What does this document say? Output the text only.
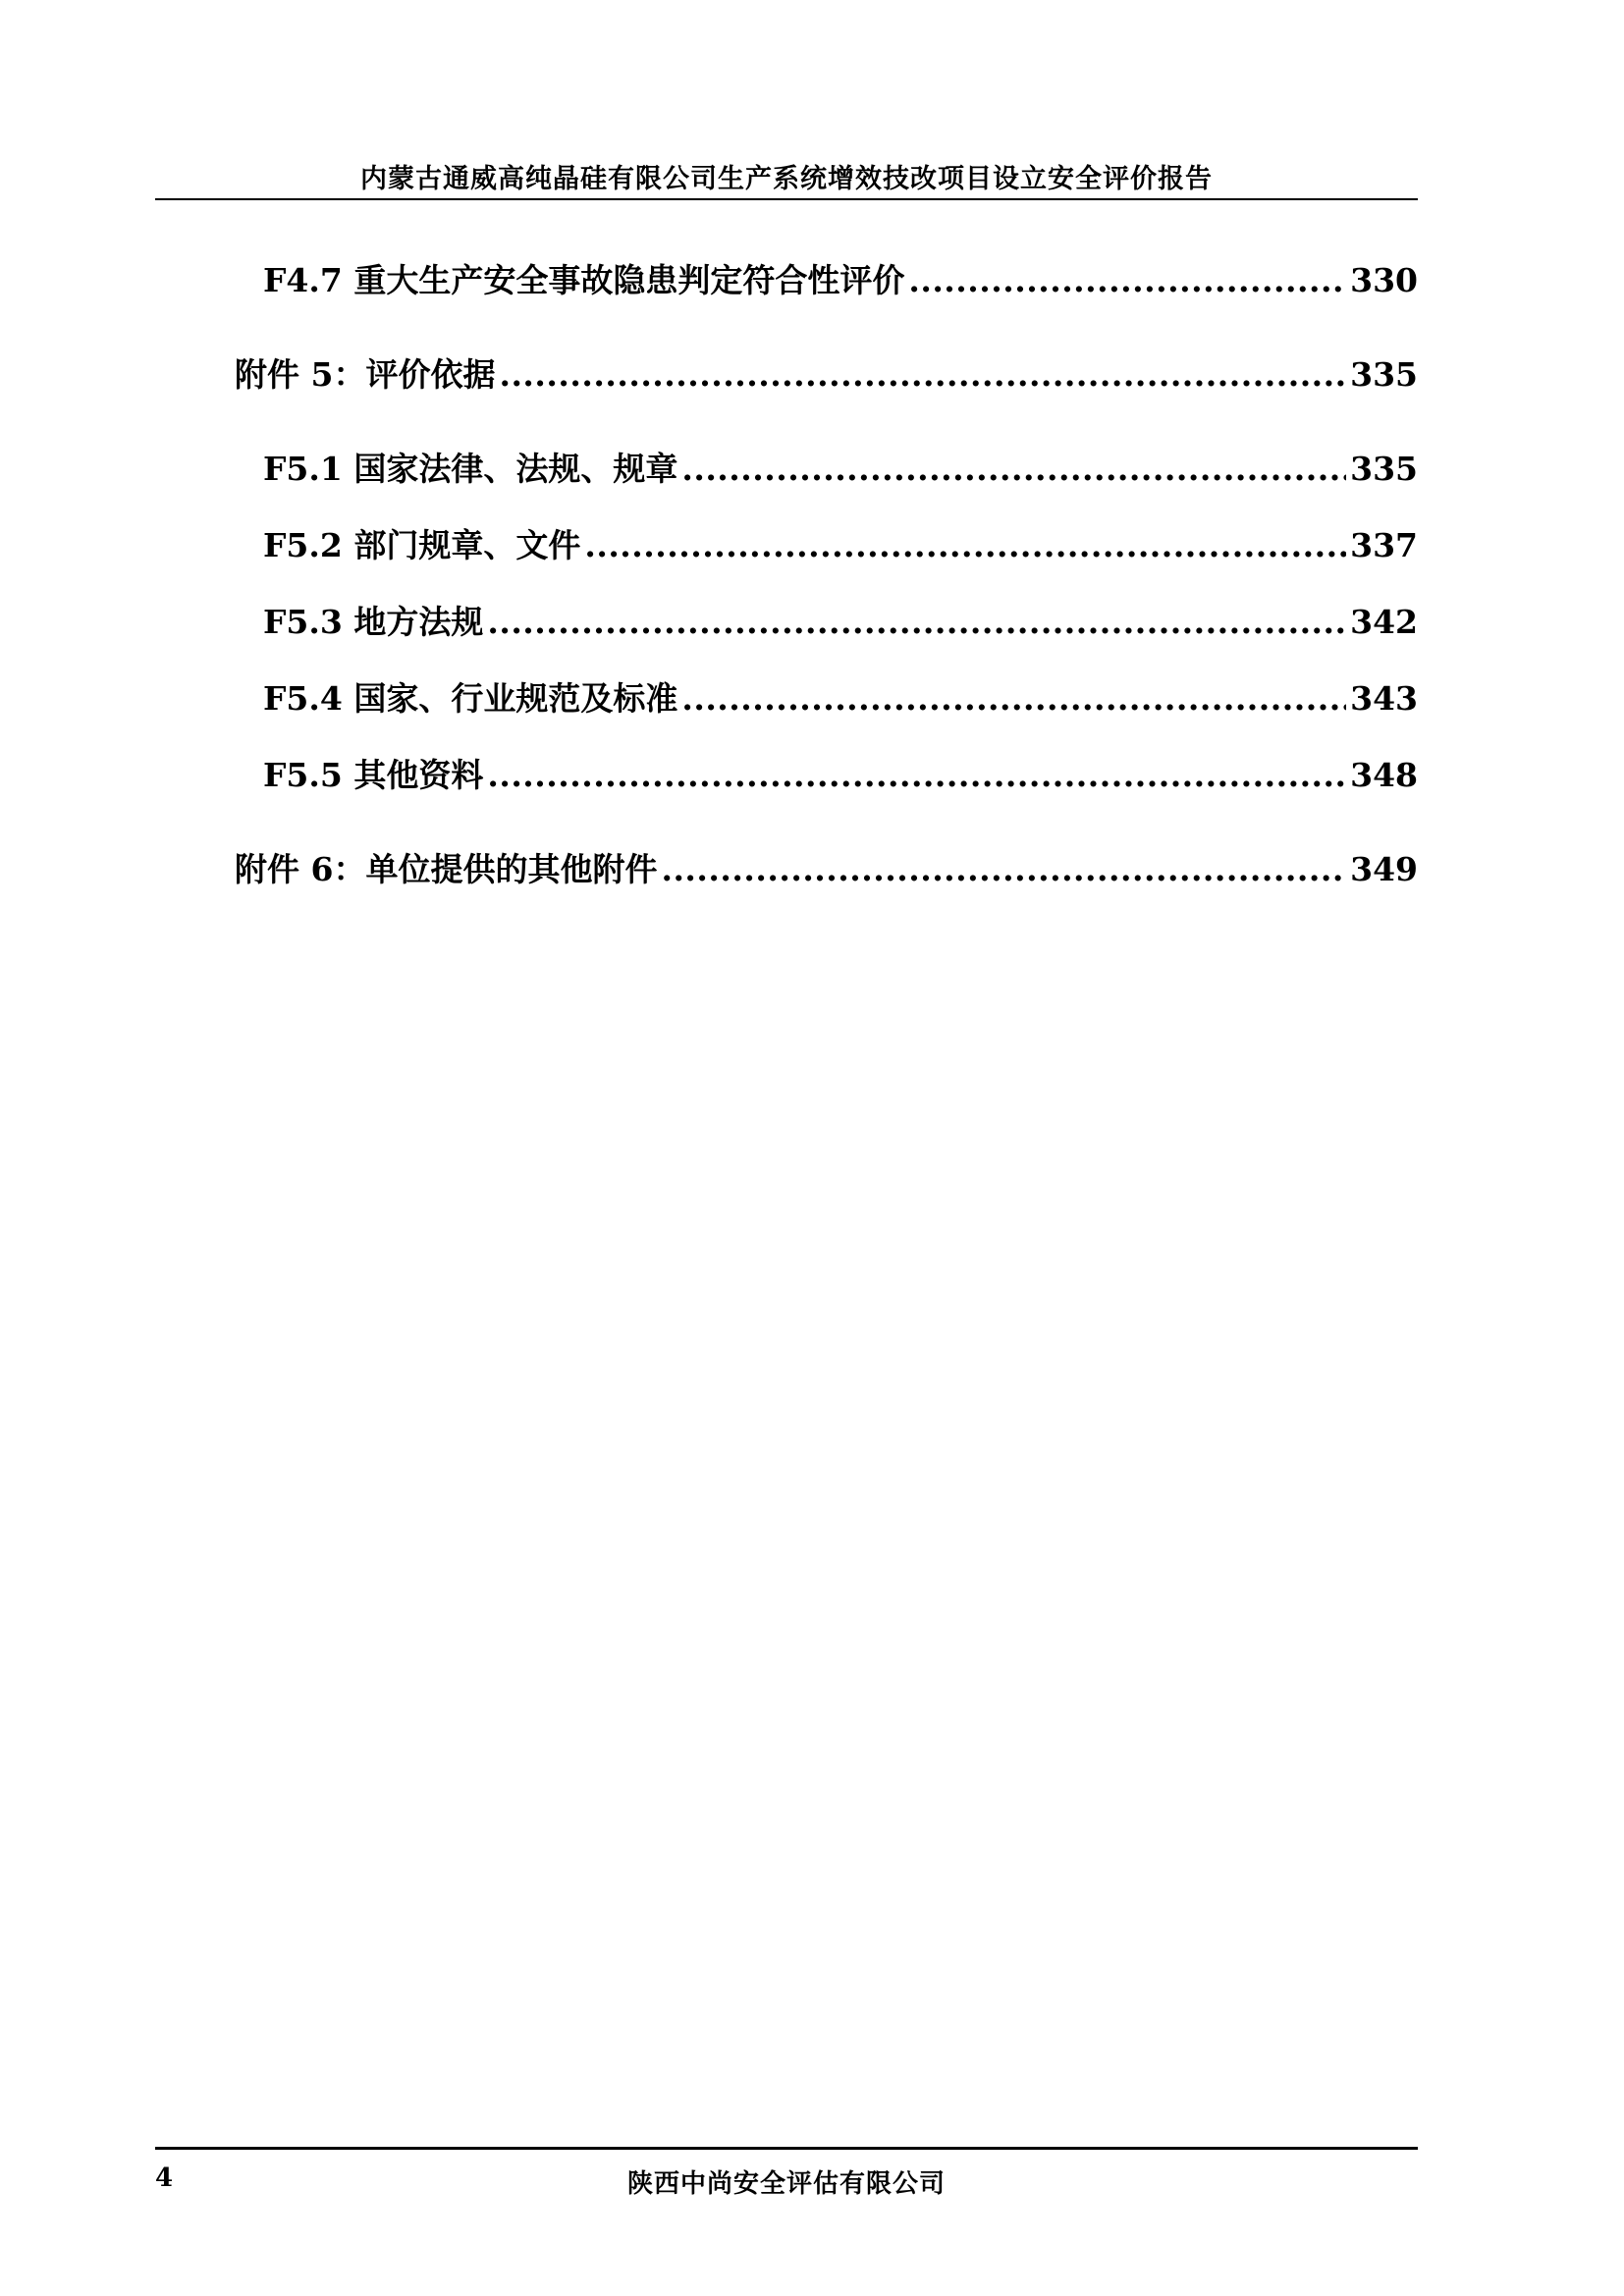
内蒙古通威高纯晶硅有限公司生产系统增效技改项目设立安全评价报告
F4.7 重大生产安全事故隐患判定符合性评价 .....	330
附件 5：评价依据 .....	335
F5.1 国家法律、法规、规章 .....	335
F5.2 部门规章、文件 .....	337
F5.3 地方法规 .....	342
F5.4 国家、行业规范及标准 .....	343
F5.5 其他资料 .....	348
附件 6：单位提供的其他附件 .....	349
4	陕西中尚安全评估有限公司
